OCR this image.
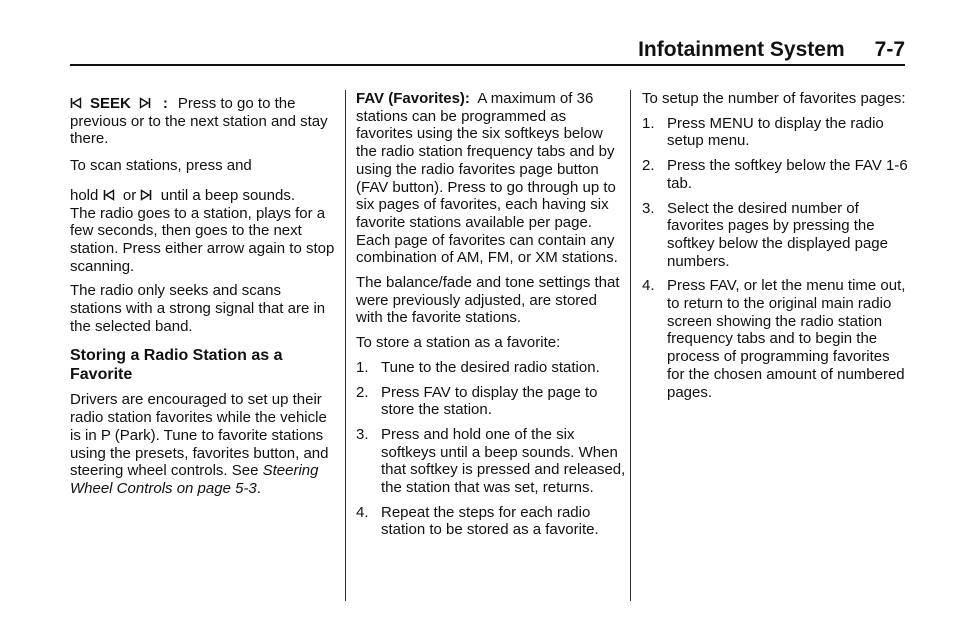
Infotainment System 7-7

SEEK : Press to go to the previous or to the next station and stay there.

To scan stations, press and

hold or until a beep sounds.
The radio goes to a station, plays for a few seconds, then goes to the next station. Press either arrow again to stop scanning.

The radio only seeks and scans stations with a strong signal that are in the selected band.

Storing a Radio Station as a Favorite

Drivers are encouraged to set up their radio station favorites while the vehicle is in P (Park). Tune to favorite stations using the presets, favorites button, and steering wheel controls. See Steering Wheel Controls on page 5-3.

FAV (Favorites): A maximum of 36 stations can be programmed as favorites using the six softkeys below the radio station frequency tabs and by using the radio favorites page button (FAV button). Press to go through up to six pages of favorites, each having six favorite stations available per page. Each page of favorites can contain any combination of AM, FM, or XM stations.

The balance/fade and tone settings that were previously adjusted, are stored with the favorite stations.

To store a station as a favorite:

1. Tune to the desired radio station.
2. Press FAV to display the page to store the station.
3. Press and hold one of the six softkeys until a beep sounds. When that softkey is pressed and released, the station that was set, returns.
4. Repeat the steps for each radio station to be stored as a favorite.

To setup the number of favorites pages:

1. Press MENU to display the radio setup menu.
2. Press the softkey below the FAV 1-6 tab.
3. Select the desired number of favorites pages by pressing the softkey below the displayed page numbers.
4. Press FAV, or let the menu time out, to return to the original main radio screen showing the radio station frequency tabs and to begin the process of programming favorites for the chosen amount of numbered pages.
